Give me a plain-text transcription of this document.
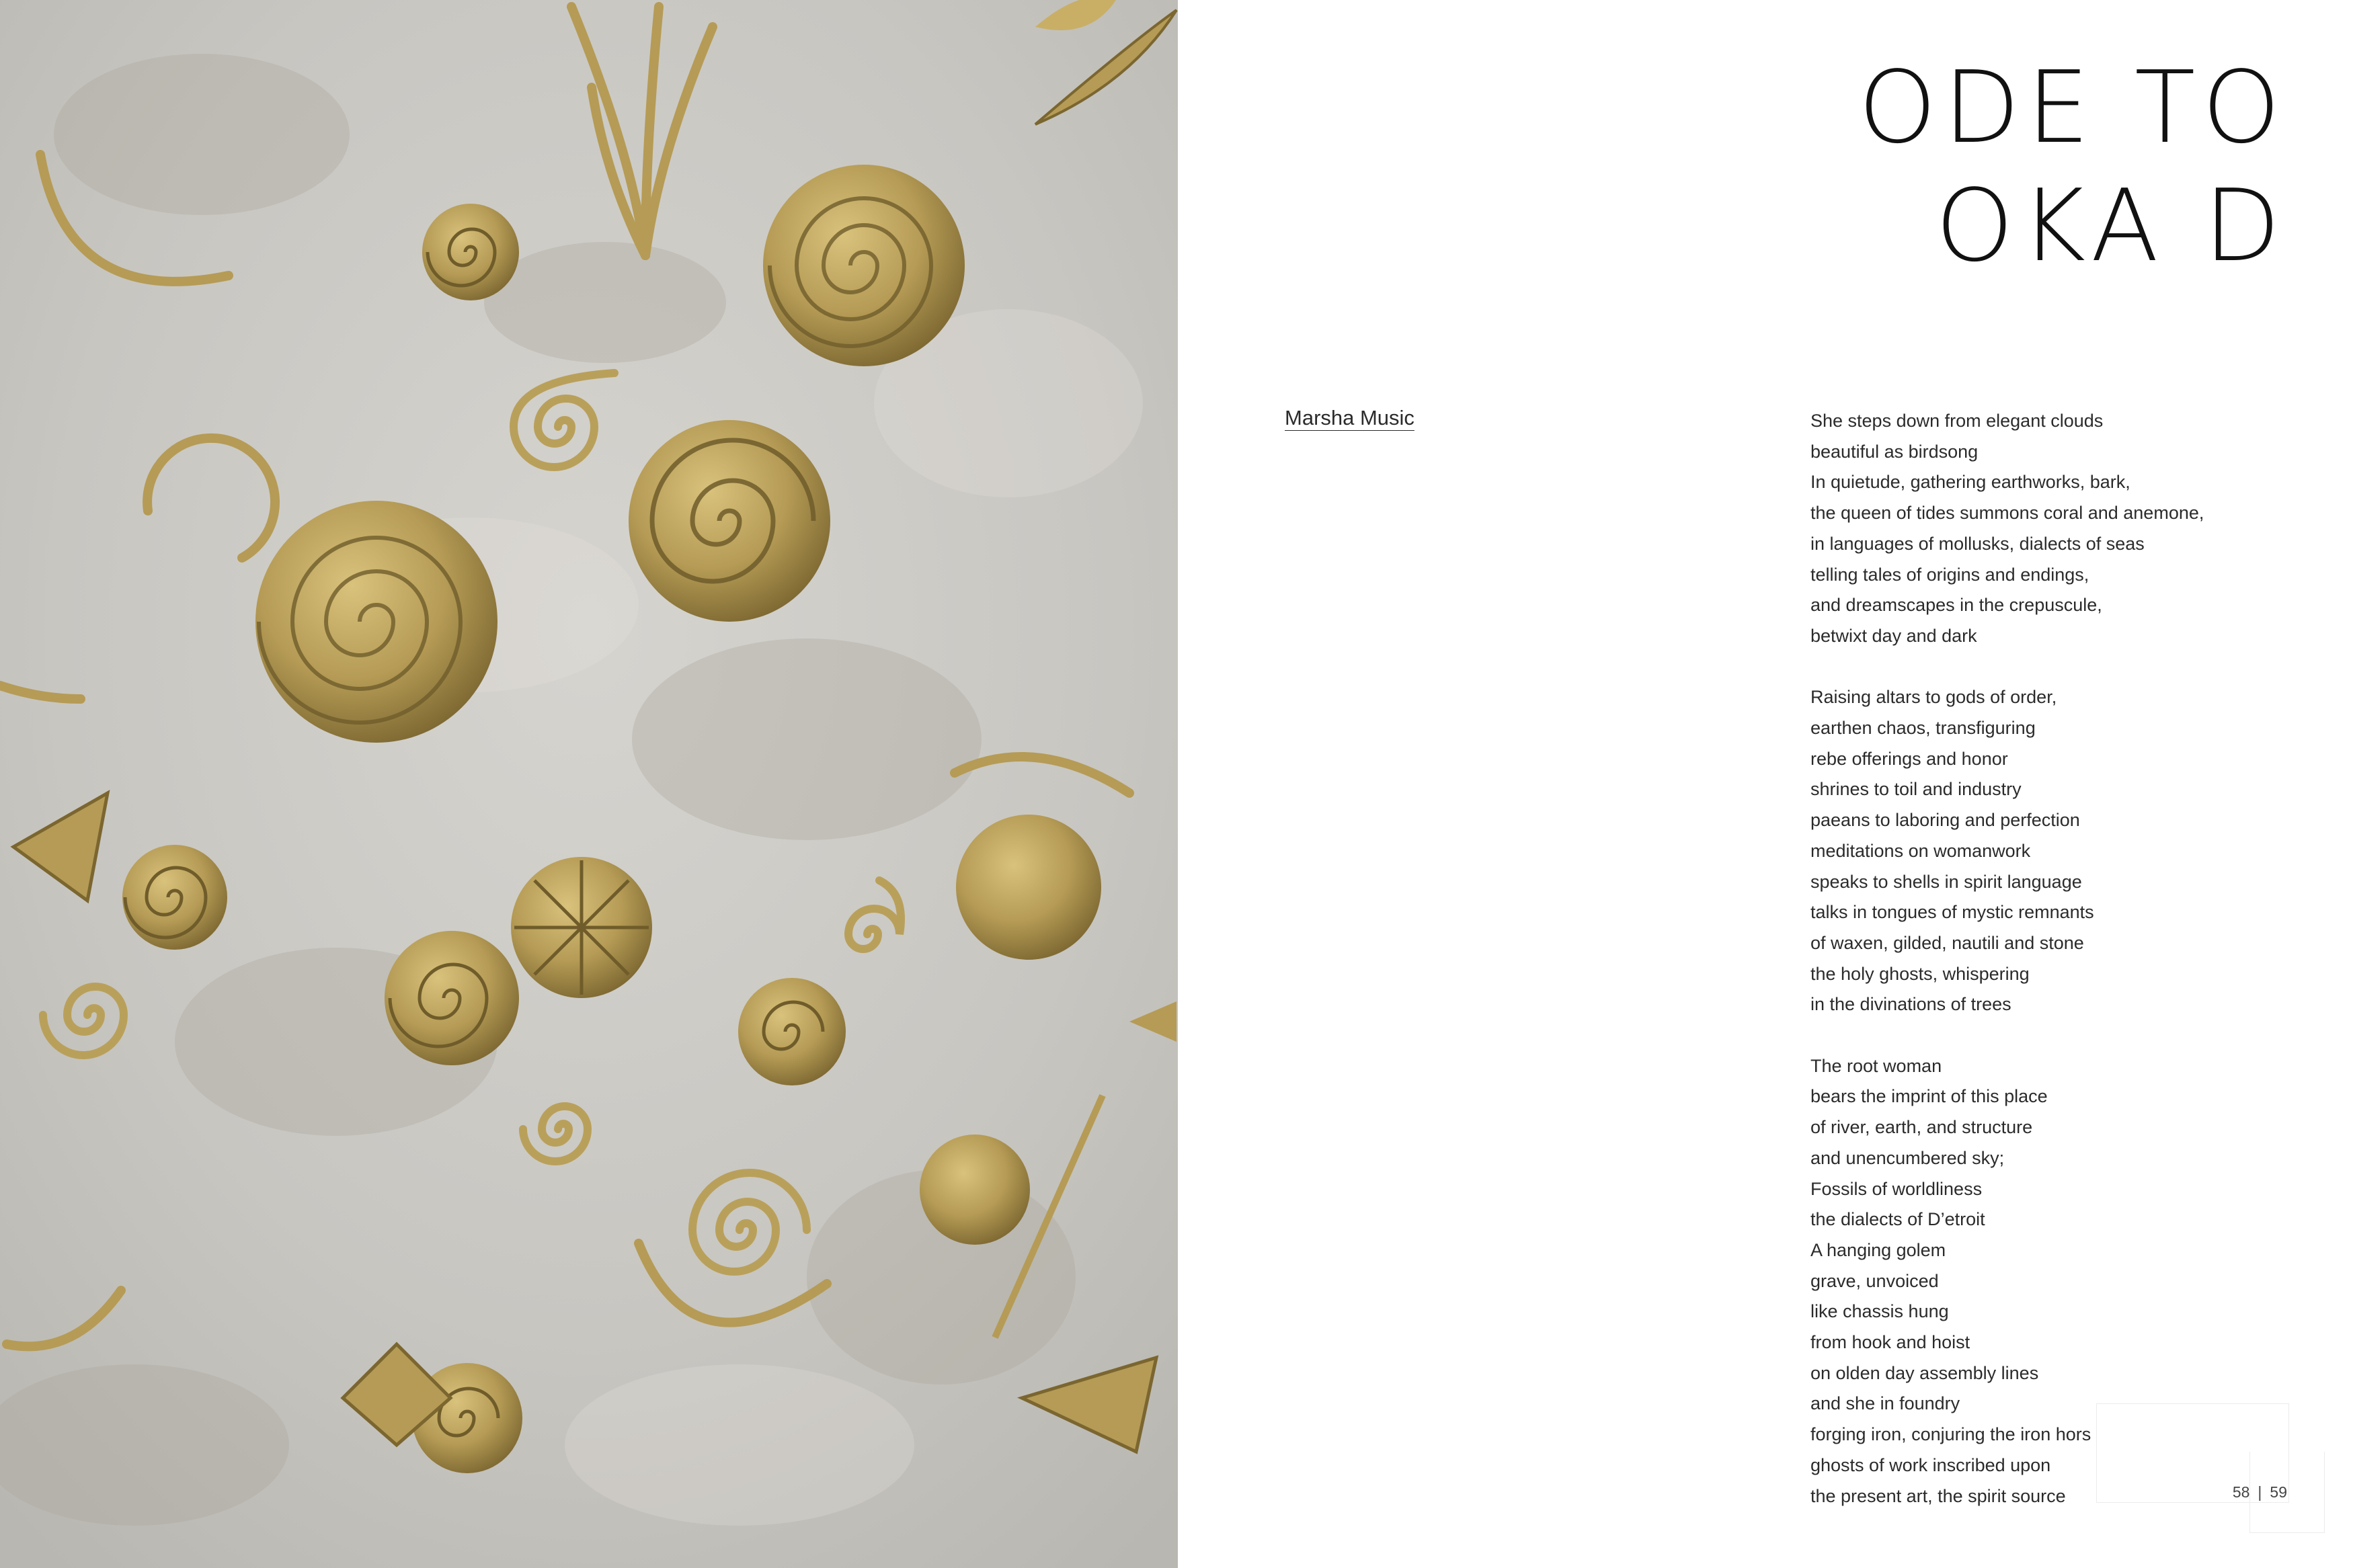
ODE TO
OKA D
Marsha Music	She steps down from elegant clouds
beautiful as birdsong
In quietude, gathering earthworks, bark,
the queen of tides summons coral and anemone,
in languages of mollusks, dialects of seas
telling tales of origins and endings,
and dreamscapes in the crepuscule,
betwixt day and dark
Raising altars to gods of order,
earthen chaos, transfiguring
rebe offerings and honor
shrines to toil and industry
paeans to laboring and perfection
meditations on womanwork
speaks to shells in spirit language
talks in tongues of mystic remnants
of waxen, gilded, nautili and stone
the holy ghosts, whispering
in the divinations of trees
The root woman
bears the imprint of this place
of river, earth, and structure
and unencumbered sky;
Fossils of worldliness
the dialects of D’etroit
A hanging golem
grave, unvoiced
like chassis hung
from hook and hoist
on olden day assembly lines
and she in foundry
forging iron, conjuring the iron hors
ghosts of work inscribed upon
the present art, the spirit source	58 | 59
